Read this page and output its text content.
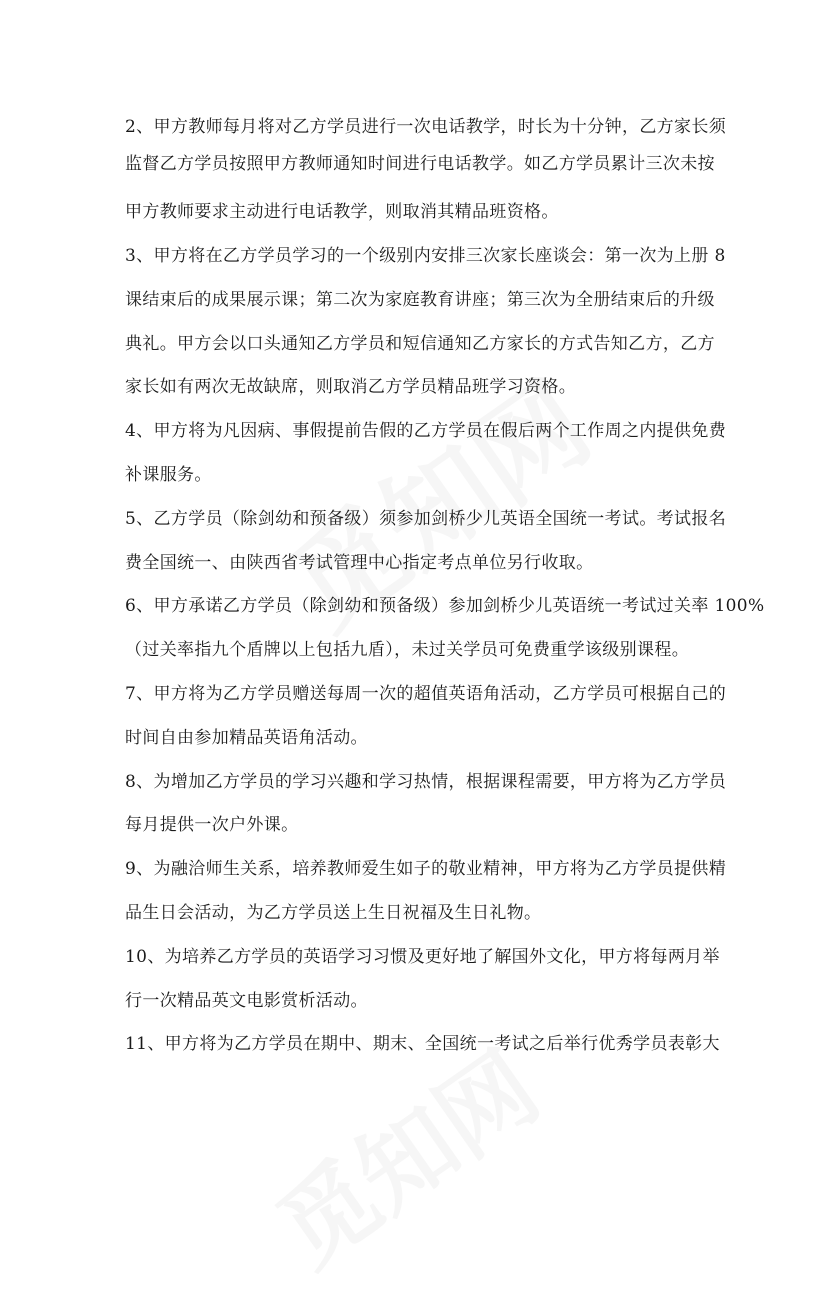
2、甲方教师每月将对乙方学员进行一次电话教学，时长为十分钟，乙方家长须

监督乙方学员按照甲方教师通知时间进行电话教学。如乙方学员累计三次未按

甲方教师要求主动进行电话教学，则取消其精品班资格。

3、甲方将在乙方学员学习的一个级别内安排三次家长座谈会：第一次为上册 8

课结束后的成果展示课；第二次为家庭教育讲座；第三次为全册结束后的升级

典礼。甲方会以口头通知乙方学员和短信通知乙方家长的方式告知乙方，乙方

家长如有两次无故缺席，则取消乙方学员精品班学习资格。

4、甲方将为凡因病、事假提前告假的乙方学员在假后两个工作周之内提供免费

补课服务。

5、乙方学员（除剑幼和预备级）须参加剑桥少儿英语全国统一考试。考试报名

费全国统一、由陕西省考试管理中心指定考点单位另行收取。

6、甲方承诺乙方学员（除剑幼和预备级）参加剑桥少儿英语统一考试过关率 100%

（过关率指九个盾牌以上包括九盾），未过关学员可免费重学该级别课程。

7、甲方将为乙方学员赠送每周一次的超值英语角活动，乙方学员可根据自己的

时间自由参加精品英语角活动。

8、为增加乙方学员的学习兴趣和学习热情，根据课程需要，甲方将为乙方学员

每月提供一次户外课。

9、为融洽师生关系，培养教师爱生如子的敬业精神，甲方将为乙方学员提供精

品生日会活动，为乙方学员送上生日祝福及生日礼物。

10、为培养乙方学员的英语学习习惯及更好地了解国外文化，甲方将每两月举

行一次精品英文电影赏析活动。

11、甲方将为乙方学员在期中、期末、全国统一考试之后举行优秀学员表彰大
